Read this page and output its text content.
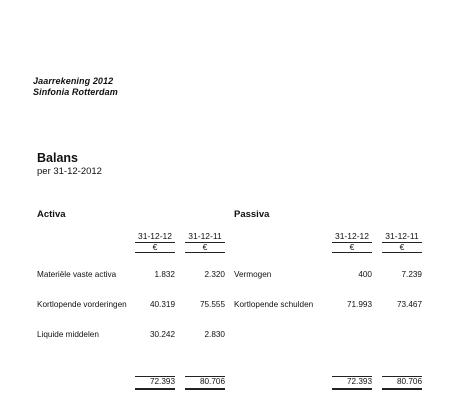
Jaarrekening 2012
Sinfonia Rotterdam
Balans
per 31-12-2012
Activa
31-12-12
€
31-12-11
€
Materiële vaste activa	1.832	2.320
Kortlopende vorderingen	40.319	75.555
Liquide middelen	30.242	2.830
72.393	80.706
Passiva
31-12-12
€
31-12-11
€
Vermogen	400	7.239
Kortlopende schulden	71.993	73.467
72.393	80.706
